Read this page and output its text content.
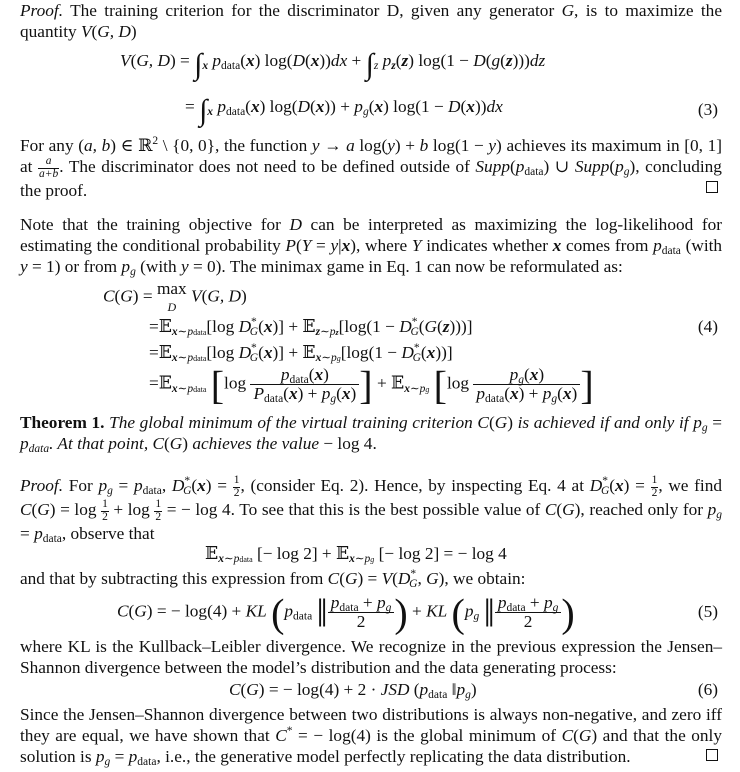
Proof. The training criterion for the discriminator D, given any generator G, is to maximize the quantity V(G, D)
V(G, $D) = \int_x$ $p_{data}(x) \log(D(x))dx + \int_z$ $p_z(z) \log(1 - D(g(z)))dz$
= $\int_x$ $p_{data}(x) \log(D(x)) + p_g(x) \log(1 - D(x))dx$	(3)
For any (a, b) ∈ ℝ$^2$ \ {0, 0}, the function y → a log(y) + b log(1 − y) achieves its maximum in [0, 1] at $\frac{a}{a+b}$ . The discriminator does not need to be defined outside of $Supp(p_{data})$ ∪ $Supp(p_g)$, concluding the proof.
Note that the training objective for D can be interpreted as maximizing the log-likelihood for estimating the conditional probability P(Y = y|x), where Y indicates whether x comes from $p_{data}$ (with y = 1) or from $p_g$ (with y = 0). The minimax game in Eq. 1 can now be reformulated as:
C(G) = max
D V(G, D)
=𝔼$_{x\sim pdata}$[log $D^*_G(x)$] + 𝔼$_{z\sim pz}$[log(1 − $D^*_G(G(z))$)]	(4)
=𝔼$_{x\sim pdata}$[log $D^*_G(x)$] + 𝔼$_{x\sim pg}$[log(1 − $D^*_G(x)$)]
=𝔼$_{x\sim pdata}$ [$\log \frac{p_{data}(x)}{P_{data}(x) + p_g(x)}$ ] + 𝔼$_{x\sim pg}$ [$\log \frac{p_g(x)}{p_{data}(x) + p_g(x)}$ ]
Theorem 1. The global minimum of the virtual training criterion C(G) is achieved if and only if $p_g = p_{data}$. At that point, C(G) achieves the value − log 4.
Proof. For $p_g = p_{data}$, $D^*_G(x) = \frac{1}{2}$ , (consider Eq. 2). Hence, by inspecting Eq. 4 at $D^*_G(x) = \frac{1}{2}$ , we find $C(G) = \log \frac{1}{2} + \log \frac{1}{2}$ = − log 4. To see that this is the best possible value of C(G), reached only for $p_g = p_{data}$, observe that
𝔼$_{x\sim pdata}$ [− log 2] + 𝔼$_{x\sim pg}$ [− log 2] = − log 4
and that by subtracting this expression from $C(G) = V(D^*_G$, G), we obtain:
C(G) = − log(4) + KL ($p_{data}$ ‖ $\frac{p_{data} + p_g}{2}$ ) + KL ($p_g$ ‖ $\frac{p_{data} + p_g}{2}$ )	(5)
where KL is the Kullback–Leibler divergence. We recognize in the previous expression the Jensen–Shannon divergence between the model’s distribution and the data generating process:
C(G) = − log(4) + 2 · JSD ($p_{data}$ $‖p_g$)	(6)
Since the Jensen–Shannon divergence between two distributions is always non-negative, and zero iff they are equal, we have shown that C* = − log(4) is the global minimum of C(G) and that the only solution is $p_g = p_{data}$, i.e., the generative model perfectly replicating the data distribution.
